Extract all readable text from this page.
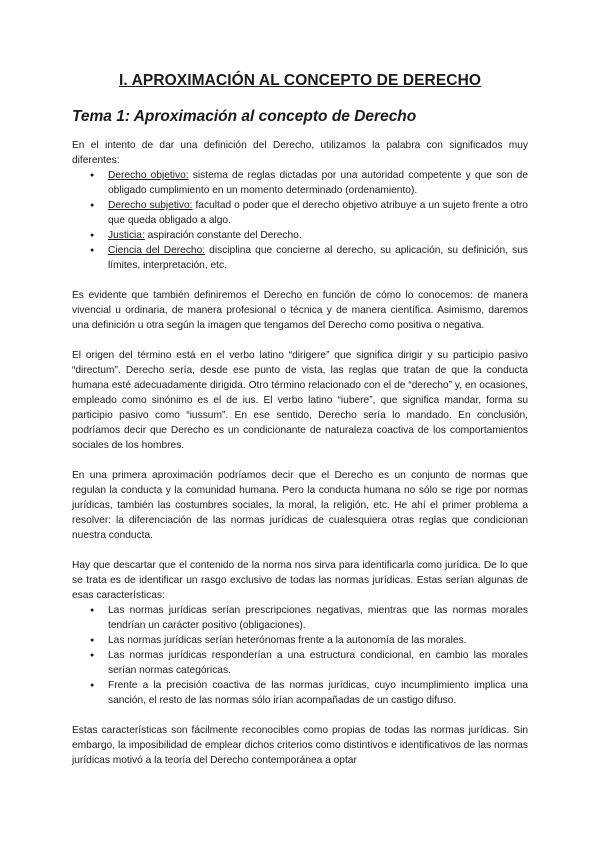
I. APROXIMACIÓN AL CONCEPTO DE DERECHO
Tema 1: Aproximación al concepto de Derecho

En el intento de dar una definición del Derecho, utilizamos la palabra con significados muy diferentes:

● Derecho objetivo: sistema de reglas dictadas por una autoridad competente y que son de obligado cumplimiento en un momento determinado (ordenamiento).
● Derecho subjetivo: facultad o poder que el derecho objetivo atribuye a un sujeto frente a otro que queda obligado a algo.
● Justicia: aspiración constante del Derecho.
● Ciencia del Derecho: disciplina que concierne al derecho, su aplicación, su definición, sus límites, interpretación, etc.

Es evidente que también definiremos el Derecho en función de cómo lo conocemos: de manera vivencial u ordinaria, de manera profesional o técnica y de manera científica. Asimismo, daremos una definición u otra según la imagen que tengamos del Derecho como positiva o negativa.

El origen del término está en el verbo latino “dirigere” que significa dirigir y su participio pasivo “directum”. Derecho sería, desde ese punto de vista, las reglas que tratan de que la conducta humana esté adecuadamente dirigida. Otro término relacionado con el de “derecho” y, en ocasiones, empleado como sinónimo es el de ius. El verbo latino “iubere”, que significa mandar, forma su participio pasivo como “iussum”. En ese sentido, Derecho sería lo mandado. En conclusión, podríamos decir que Derecho es un condicionante de naturaleza coactiva de los comportamientos sociales de los hombres.

En una primera aproximación podríamos decir que el Derecho es un conjunto de normas que regulan la conducta y la comunidad humana. Pero la conducta humana no sólo se rige por normas jurídicas, también las costumbres sociales, la moral, la religión, etc. He ahí el primer problema a resolver: la diferenciación de las normas jurídicas de cualesquiera otras reglas que condicionan nuestra conducta.

Hay que descartar que el contenido de la norma nos sirva para identificarla como jurídica. De lo que se trata es de identificar un rasgo exclusivo de todas las normas jurídicas. Estas serían algunas de esas características:

● Las normas jurídicas serían prescripciones negativas, mientras que las normas morales tendrían un carácter positivo (obligaciones).
● Las normas jurídicas serían heterónomas frente a la autonomía de las morales.
● Las normas jurídicas responderían a una estructura condicional, en cambio las morales serían normas categóricas.
● Frente a la precisión coactiva de las normas jurídicas, cuyo incumplimiento implica una sanción, el resto de las normas sólo irían acompañadas de un castigo difuso.

Estas características son fácilmente reconocibles como propias de todas las normas jurídicas. Sin embargo, la imposibilidad de emplear dichos criterios como distintivos e identificativos de las normas jurídicas motivó a la teoría del Derecho contemporánea a optar
